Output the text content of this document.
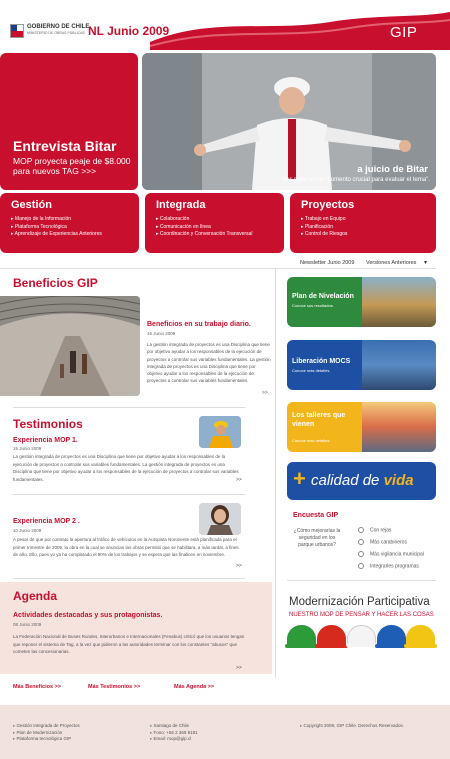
GOBIERNO DE CHILE
MINISTERIO DE OBRAS PÚBLICAS NL Junio 2009	GIP
Entrevista Bitar
MOP proyecta peaje de $8.000 para nuevos TAG >>>	a juicio de Bitar
"nos pone en un momento crucial para evaluar el tema".
Gestión
▸ Manejo de la Información
▸ Plataforma Tecnológica
▸ Aprendizaje de Experiencias Anteriores
Integrada
▸ Colaboración
▸ Comunicación en línea
▸ Coordinación y Conversación Transversal
Proyectos
▸ Trabajo en Equipo
▸ Planificación
▸ Control de Riesgos
Newsletter Junio 2009 Versiones Anteriores ▾
Beneficios GIP
Beneficios en su trabajo diario.
16 Junio 2009
La gestión integrada de proyectos es una Disciplina que tiene por objetivo ayudar a los responsables de la ejecución de proyectos a controlar sus variables fundamentales. La gestión integrada de proyectos es una Disciplina que tiene por objetivo ayudar a los responsables de la ejecución de proyectos a controlar sus variables fundamentales.
>>
Testimonios
Experiencia MOP 1.
15 Junio 2009
La gestión integrada de proyectos es una Disciplina que tiene por objetivo ayudar a los responsables de la ejecución de proyectos a controlar sus variables fundamentales. La gestión integrada de proyectos es una Disciplina que tiene por objetivo ayudar a los responsables de la ejecución de proyectos a controlar sus variables fundamentales.	>>
Experiencia MOP 2 .
10 Junio 2009
A pesar de que por contrato la apertura al tráfico de vehículos en la Autopista Nororiente está planificada para el primer trimestre de 2009, la obra en la cual se anuncian las obras permitió que se habilitara, a más tardar, a fines de año. Ello, pues yo ya ha completado el 90% de los trabajos y se espera que las finalicen en noviembre.
>>
Agenda
Actividades destacadas y sus protagonistas.
08 Junio 2009
La Federación Nacional de Buses Rurales, Interurbanos e Internacionales (Fenabus) criticó que los usuarios tengan que reponer el sistema de Tag, a la vez que pidieron a las autoridades terminar con los constantes "abusos" que cometen las concesionarias.
>>
Más Beneficios >>	Más Testimonios >>	Más Agenda >>
Plan de Nivelación
Conoce sus resultados.
Liberación MOCS
Conoce más detalles.
Los talleres que vienen
Conoce más detalles.
+ calidad de vida
Encuesta GIP
¿Cómo mejorarías la seguridad en los parque urbanos?
Con rejas
Más carabineros
Más vigilancia municipal
Integrarles programas
Modernización Participativa
NUESTRO MOP DE PENSAR Y HACER LAS COSAS
▸ Gestión Integrada de Proyectos
▸ Plan de Modernización
▸ Plataforma tecnológica GIP
▸ Santiago de Chile
▸ Fono: +56 2 369 8181
▸ Email: mop@gip.cl
▸ Copyright 2008, GIP Chile. Derechos Reservados.
